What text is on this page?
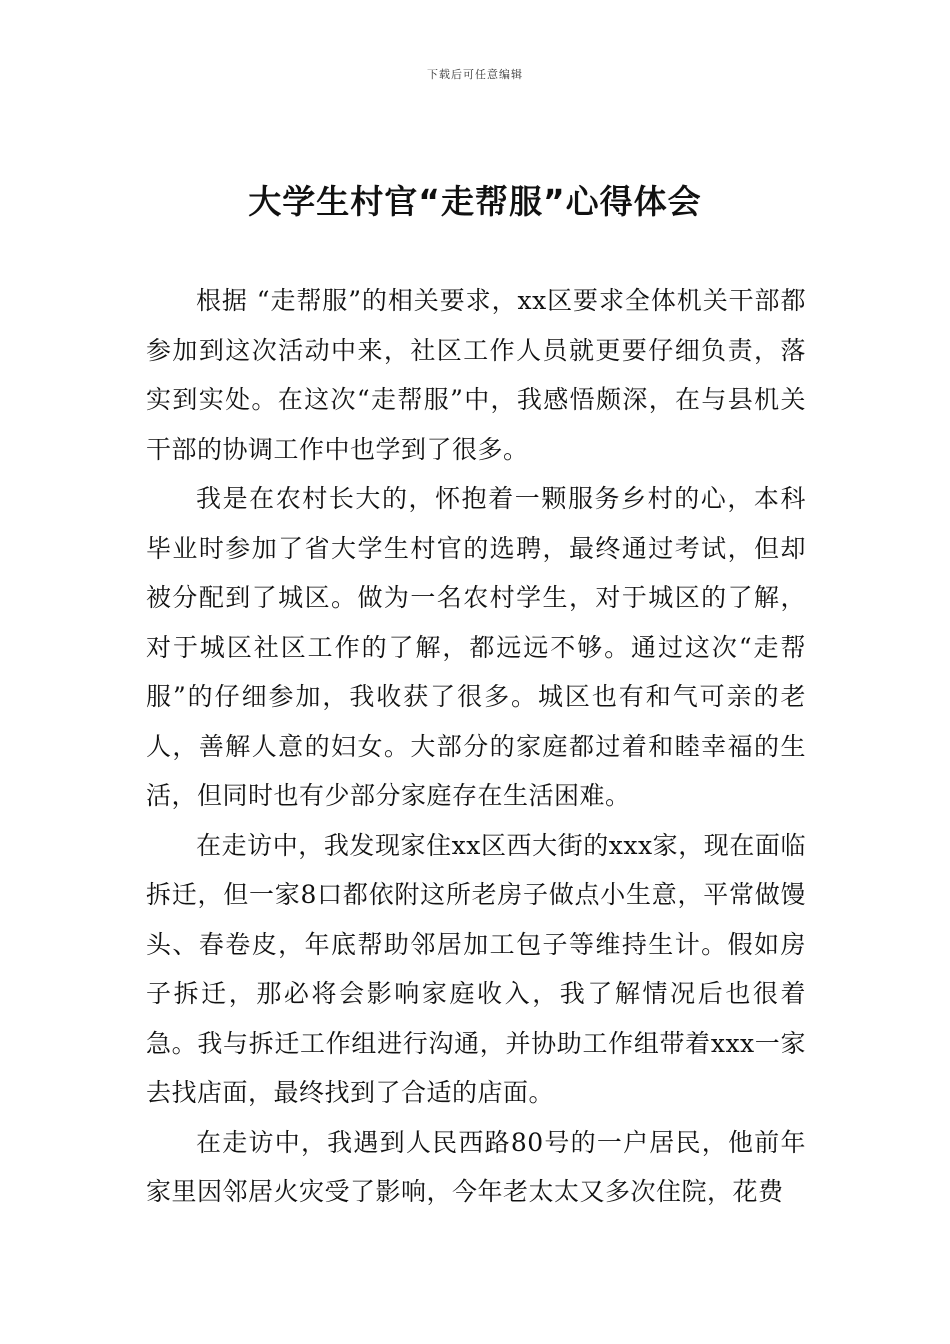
下载后可任意编辑
大学生村官“走帮服”心得体会

根据 “走帮服”的相关要求，xx区要求全体机关干部都参加到这次活动中来，社区工作人员就更要仔细负责，落实到实处。在这次“走帮服”中，我感悟颇深，在与县机关干部的协调工作中也学到了很多。

我是在农村长大的，怀抱着一颗服务乡村的心，本科毕业时参加了省大学生村官的选聘，最终通过考试，但却被分配到了城区。做为一名农村学生，对于城区的了解，对于城区社区工作的了解，都远远不够。通过这次“走帮服”的仔细参加，我收获了很多。城区也有和气可亲的老人，善解人意的妇女。大部分的家庭都过着和睦幸福的生活，但同时也有少部分家庭存在生活困难。

在走访中，我发现家住xx区西大街的xxx家，现在面临拆迁，但一家8口都依附这所老房子做点小生意，平常做馒头、春卷皮，年底帮助邻居加工包子等维持生计。假如房子拆迁，那必将会影响家庭收入，我了解情况后也很着急。我与拆迁工作组进行沟通，并协助工作组带着xxx一家去找店面，最终找到了合适的店面。

在走访中，我遇到人民西路80号的一户居民，他前年家里因邻居火灾受了影响，今年老太太又多次住院，花费
